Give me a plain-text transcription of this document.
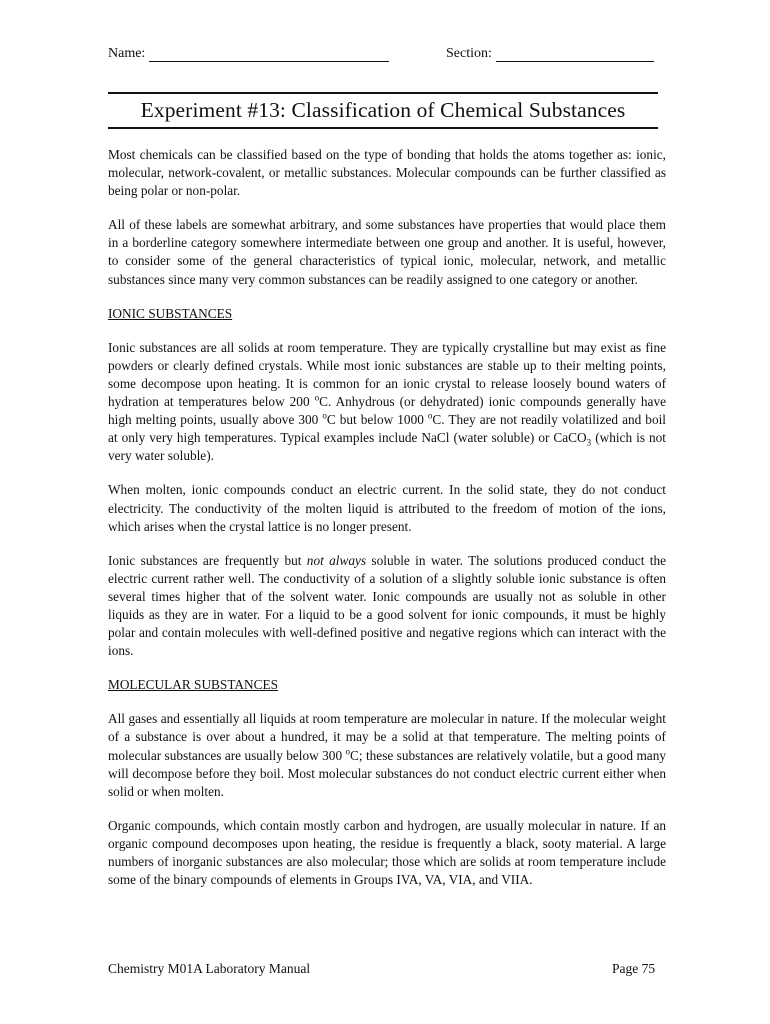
Name:	Section:
Experiment #13: Classification of Chemical Substances

Most chemicals can be classified based on the type of bonding that holds the atoms together as: ionic, molecular, network-covalent, or metallic substances. Molecular compounds can be further classified as being polar or non-polar.

All of these labels are somewhat arbitrary, and some substances have properties that would place them in a borderline category somewhere intermediate between one group and another. It is useful, however, to consider some of the general characteristics of typical ionic, molecular, network, and metallic substances since many very common substances can be readily assigned to one category or another.

IONIC SUBSTANCES

Ionic substances are all solids at room temperature. They are typically crystalline but may exist as fine powders or clearly defined crystals. While most ionic substances are stable up to their melting points, some decompose upon heating. It is common for an ionic crystal to release loosely bound waters of hydration at temperatures below 200 $^o$C. Anhydrous (or dehydrated) ionic compounds generally have high melting points, usually above 300 $^o$C but below 1000 $^o$C. They are not readily volatilized and boil at only very high temperatures. Typical examples include NaCl (water soluble) or CaCO$_3$ (which is not very water soluble).

When molten, ionic compounds conduct an electric current. In the solid state, they do not conduct electricity. The conductivity of the molten liquid is attributed to the freedom of motion of the ions, which arises when the crystal lattice is no longer present.

Ionic substances are frequently but not always soluble in water. The solutions produced conduct the electric current rather well. The conductivity of a solution of a slightly soluble ionic substance is often several times higher that of the solvent water. Ionic compounds are usually not as soluble in other liquids as they are in water. For a liquid to be a good solvent for ionic compounds, it must be highly polar and contain molecules with well-defined positive and negative regions which can interact with the ions.

MOLECULAR SUBSTANCES

All gases and essentially all liquids at room temperature are molecular in nature. If the molecular weight of a substance is over about a hundred, it may be a solid at that temperature. The melting points of molecular substances are usually below 300 $^o$C; these substances are relatively volatile, but a good many will decompose before they boil. Most molecular substances do not conduct electric current either when solid or when molten.

Organic compounds, which contain mostly carbon and hydrogen, are usually molecular in nature. If an organic compound decomposes upon heating, the residue is frequently a black, sooty material. A large numbers of inorganic substances are also molecular; those which are solids at room temperature include some of the binary compounds of elements in Groups IVA, VA, VIA, and VIIA.

Chemistry M01A Laboratory Manual	Page 75
